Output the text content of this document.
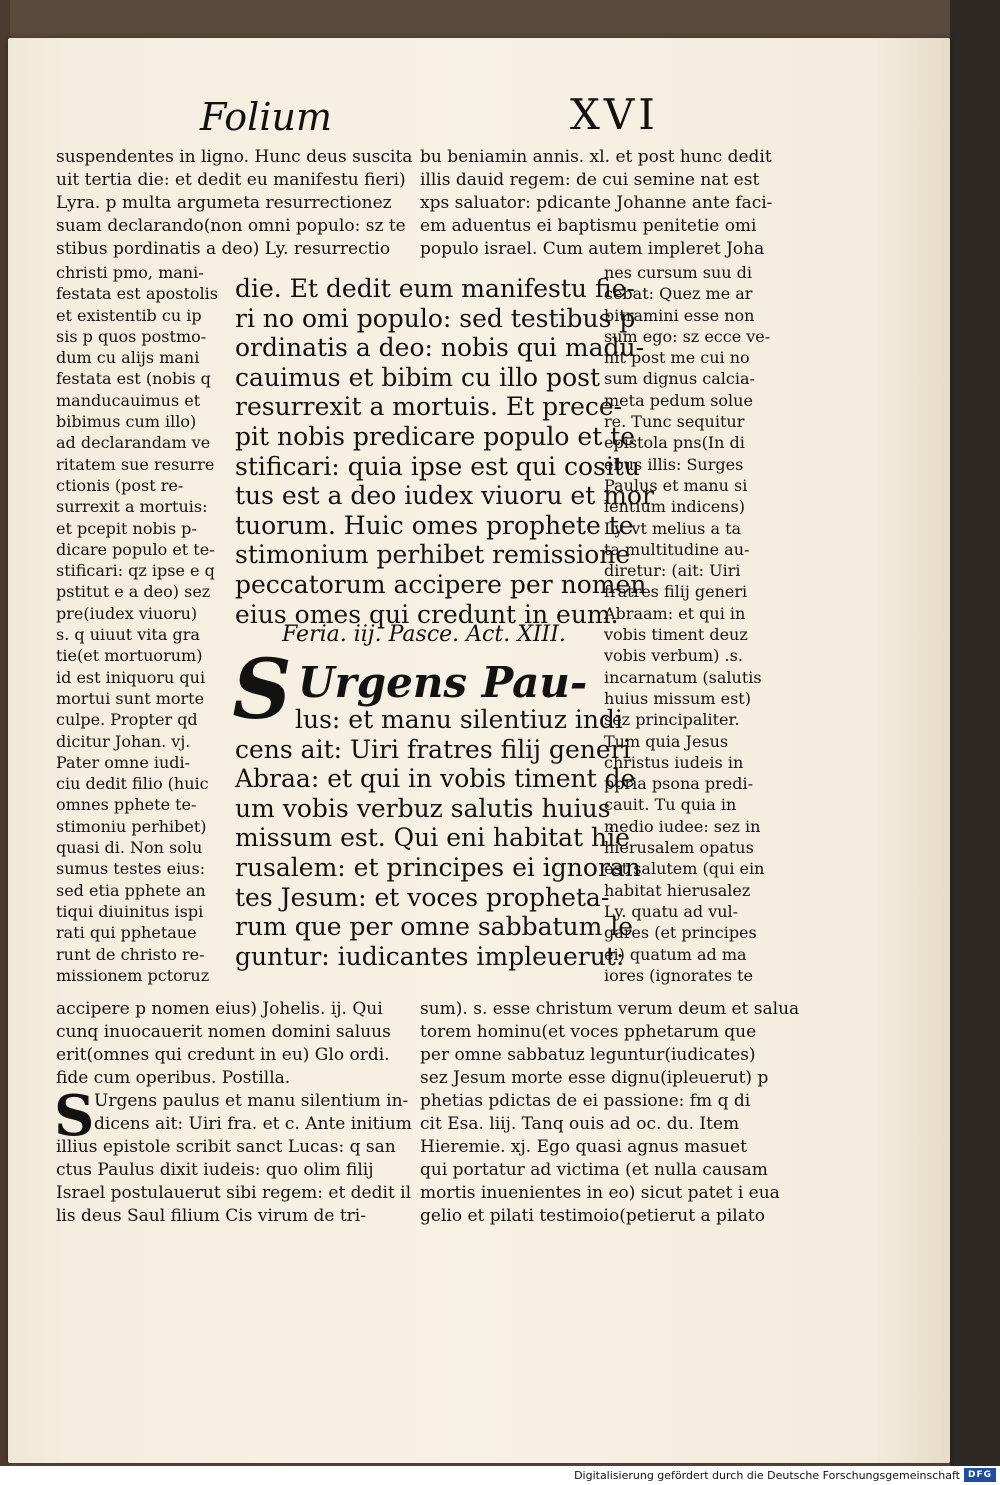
Folium	XVI
suspendentes in ligno. Hunc deus suscita
uit tertia die: et dedit eu manifestu fieri)
Lyra. p multa argumeta resurrectionez
suam declarando(non omni populo: sz te
stibus pordinatis a deo) Ly. resurrectio
bu beniamin annis. xl. et post hunc dedit
illis dauid regem: de cui semine nat est
xps saluator: pdicante Johanne ante faci-
em aduentus ei baptismu penitetie omi
populo israel. Cum autem impleret Joha
christi pmo, mani-
festata est apostolis
et existentib cu ip
sis p quos postmo-
dum cu alijs mani
festata est (nobis q
manducauimus et
bibimus cum illo)
ad declarandam ve
ritatem sue resurre
ctionis (post re-
surrexit a mortuis:
et pcepit nobis p-
dicare populo et te-
stificari: qz ipse e q
pstitut e a deo) sez
pre(iudex viuoru)
s. q uiuut vita gra
tie(et mortuorum)
id est iniquoru qui
mortui sunt morte
culpe. Propter qd
dicitur Johan. vj.
Pater omne iudi-
ciu dedit filio (huic
omnes pphete te-
stimoniu perhibet)
quasi di. Non solu
sumus testes eius:
sed etia pphete an
tiqui diuinitus ispi
rati qui pphetaue
runt de christo re-
missionem pctoruz
nes cursum suu di
cebat: Quez me ar
bitramini esse non
sum ego: sz ecce ve-
nit post me cui no
sum dignus calcia-
meta pedum solue
re. Tunc sequitur
epistola pns(In di
ebus illis: Surges
Paulus et manu si
lentium indicens)
Ly. vt melius a ta
ta multitudine au-
diretur: (ait: Uiri
fratres filij generi
Abraam: et qui in
vobis timent deuz
vobis verbum) .s.
incarnatum (salutis
huius missum est)
sez principaliter.
Tum quia Jesus
christus iudeis in
ppria psona predi-
cauit. Tu quia in
medio iudee: sez in
hierusalem opatus
est salutem (qui ein
habitat hierusalez
Ly. quatu ad vul-
gares (et principes
ei) quatum ad ma
iores (ignorates te
die. Et dedit eum manifestu fie-
ri no omi populo: sed testibus p
ordinatis a deo: nobis qui madu-
cauimus et bibim cu illo post
resurrexit a mortuis. Et prece-
pit nobis predicare populo et te
stificari: quia ipse est qui cositu
tus est a deo iudex viuoru et mor
tuorum. Huic omes prophete te
stimonium perhibet remissione
peccatorum accipere per nomen
eius omes qui credunt in eum.
Feria. iij. Pasce. Act. XIII.
S Urgens Pau-
lus: et manu silentiuz indi
cens ait: Uiri fratres filij generi
Abraa: et qui in vobis timent de
um vobis verbuz salutis huius
missum est. Qui eni habitat hie
rusalem: et principes ei ignoran
tes Jesum: et voces propheta-
rum que per omne sabbatum le
guntur: iudicantes impleuerut:
accipere p nomen eius) Johelis. ij. Qui
cunq inuocauerit nomen domini saluus
erit(omnes qui credunt in eu) Glo ordi.
fide cum operibus. Postilla.
S Urgens paulus et manu silentium in-
dicens ait: Uiri fra. et c. Ante initium
illius epistole scribit sanct Lucas: q san
ctus Paulus dixit iudeis: quo olim filij
Israel postulauerut sibi regem: et dedit il
lis deus Saul filium Cis virum de tri-
sum). s. esse christum verum deum et salua
torem hominu(et voces pphetarum que
per omne sabbatuz leguntur(iudicates)
sez Jesum morte esse dignu(ipleuerut) p
phetias pdictas de ei passione: fm q di
cit Esa. liij. Tanq ouis ad oc. du. Item
Hieremie. xj. Ego quasi agnus masuet
qui portatur ad victima (et nulla causam
mortis inuenientes in eo) sicut patet i eua
gelio et pilati testimoio(petierut a pilato
Digitalisierung gefördert durch die Deutsche Forschungsgemeinschaft DFG
